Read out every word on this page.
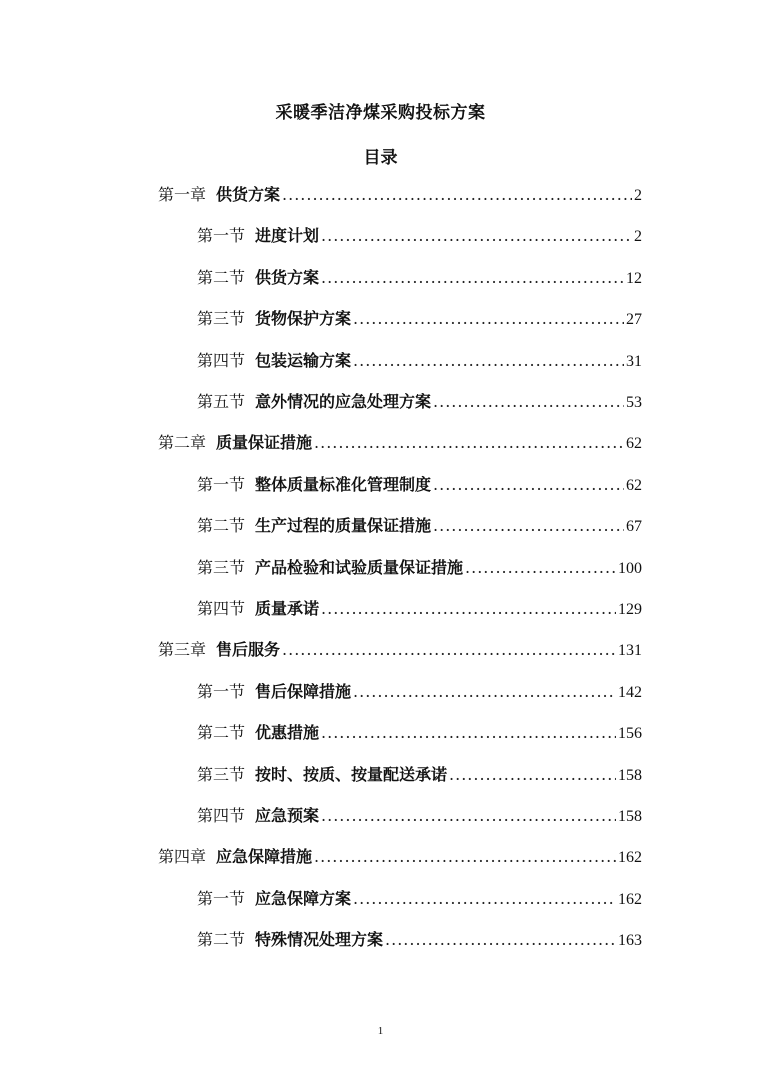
采暖季洁净煤采购投标方案
目录
第一章 供货方案 .....	2
第一节 进度计划 .....	2
第二节 供货方案 .....	12
第三节 货物保护方案 .....	27
第四节 包装运输方案 .....	31
第五节 意外情况的应急处理方案 .....	53
第二章 质量保证措施 .....	62
第一节 整体质量标准化管理制度 .....	62
第二节 生产过程的质量保证措施 .....	67
第三节 产品检验和试验质量保证措施 .....	100
第四节 质量承诺 .....	129
第三章 售后服务 .....	131
第一节 售后保障措施 .....	142
第二节 优惠措施 .....	156
第三节 按时、按质、按量配送承诺 .....	158
第四节 应急预案 .....	158
第四章 应急保障措施 .....	162
第一节 应急保障方案 .....	162
第二节 特殊情况处理方案 .....	163
1
